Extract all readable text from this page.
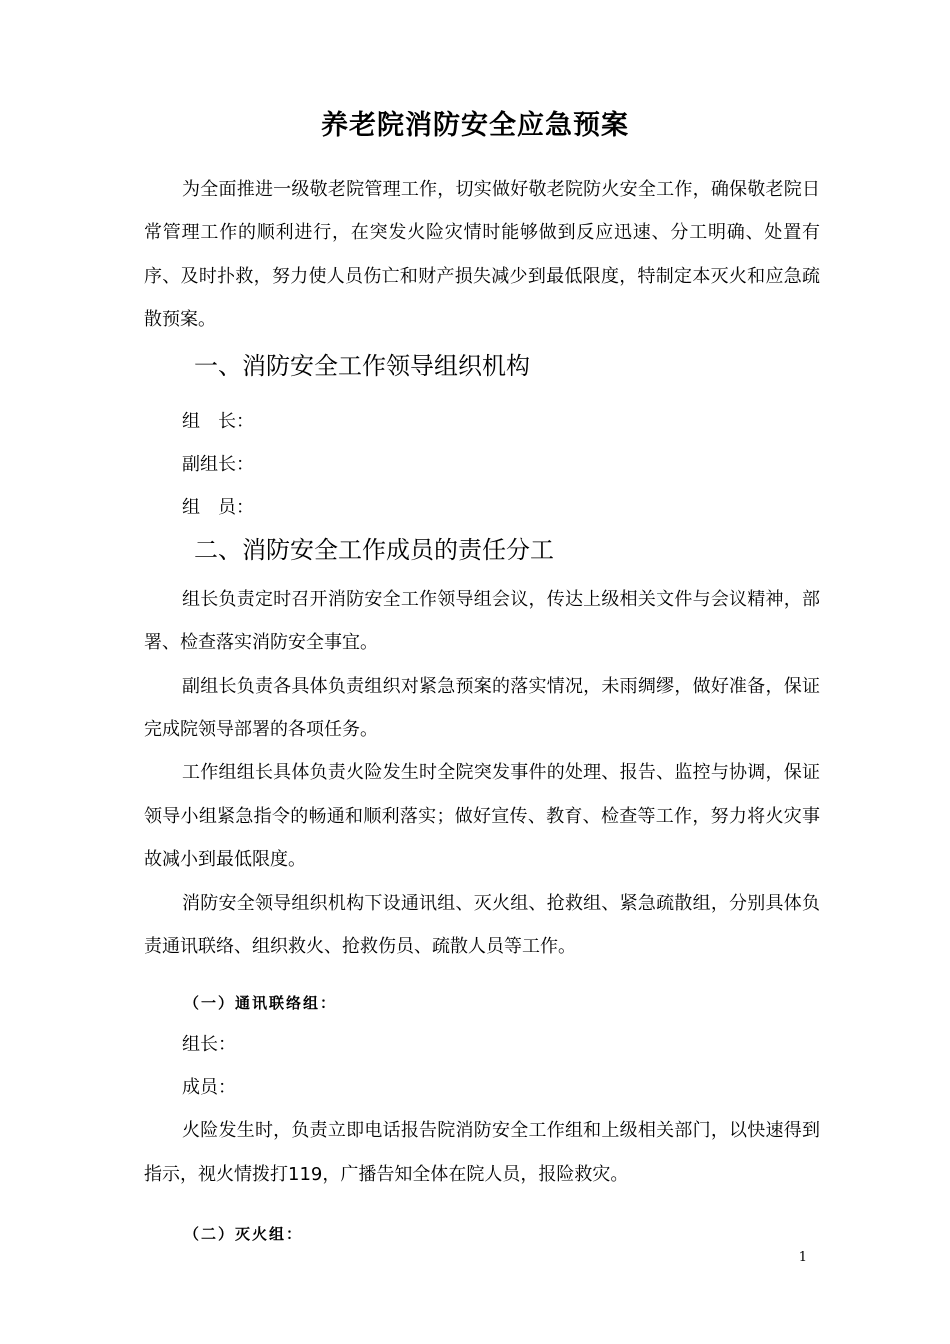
养老院消防安全应急预案

为全面推进一级敬老院管理工作，切实做好敬老院防火安全工作，确保敬老院日常管理工作的顺利进行，在突发火险灾情时能够做到反应迅速、分工明确、处置有序、及时扑救，努力使人员伤亡和财产损失减少到最低限度，特制定本灭火和应急疏散预案。

一、消防安全工作领导组织机构

组　长：

副组长：

组　员：

二、消防安全工作成员的责任分工

组长负责定时召开消防安全工作领导组会议，传达上级相关文件与会议精神，部署、检查落实消防安全事宜。

副组长负责各具体负责组织对紧急预案的落实情况，未雨绸缪，做好准备，保证完成院领导部署的各项任务。

工作组组长具体负责火险发生时全院突发事件的处理、报告、监控与协调，保证领导小组紧急指令的畅通和顺利落实；做好宣传、教育、检查等工作，努力将火灾事故减小到最低限度。

消防安全领导组织机构下设通讯组、灭火组、抢救组、紧急疏散组，分别具体负责通讯联络、组织救火、抢救伤员、疏散人员等工作。

（一）通讯联络组：

组长：

成员：

火险发生时，负责立即电话报告院消防安全工作组和上级相关部门，以快速得到指示，视火情拨打119，广播告知全体在院人员，报险救灾。

（二）灭火组：

1
